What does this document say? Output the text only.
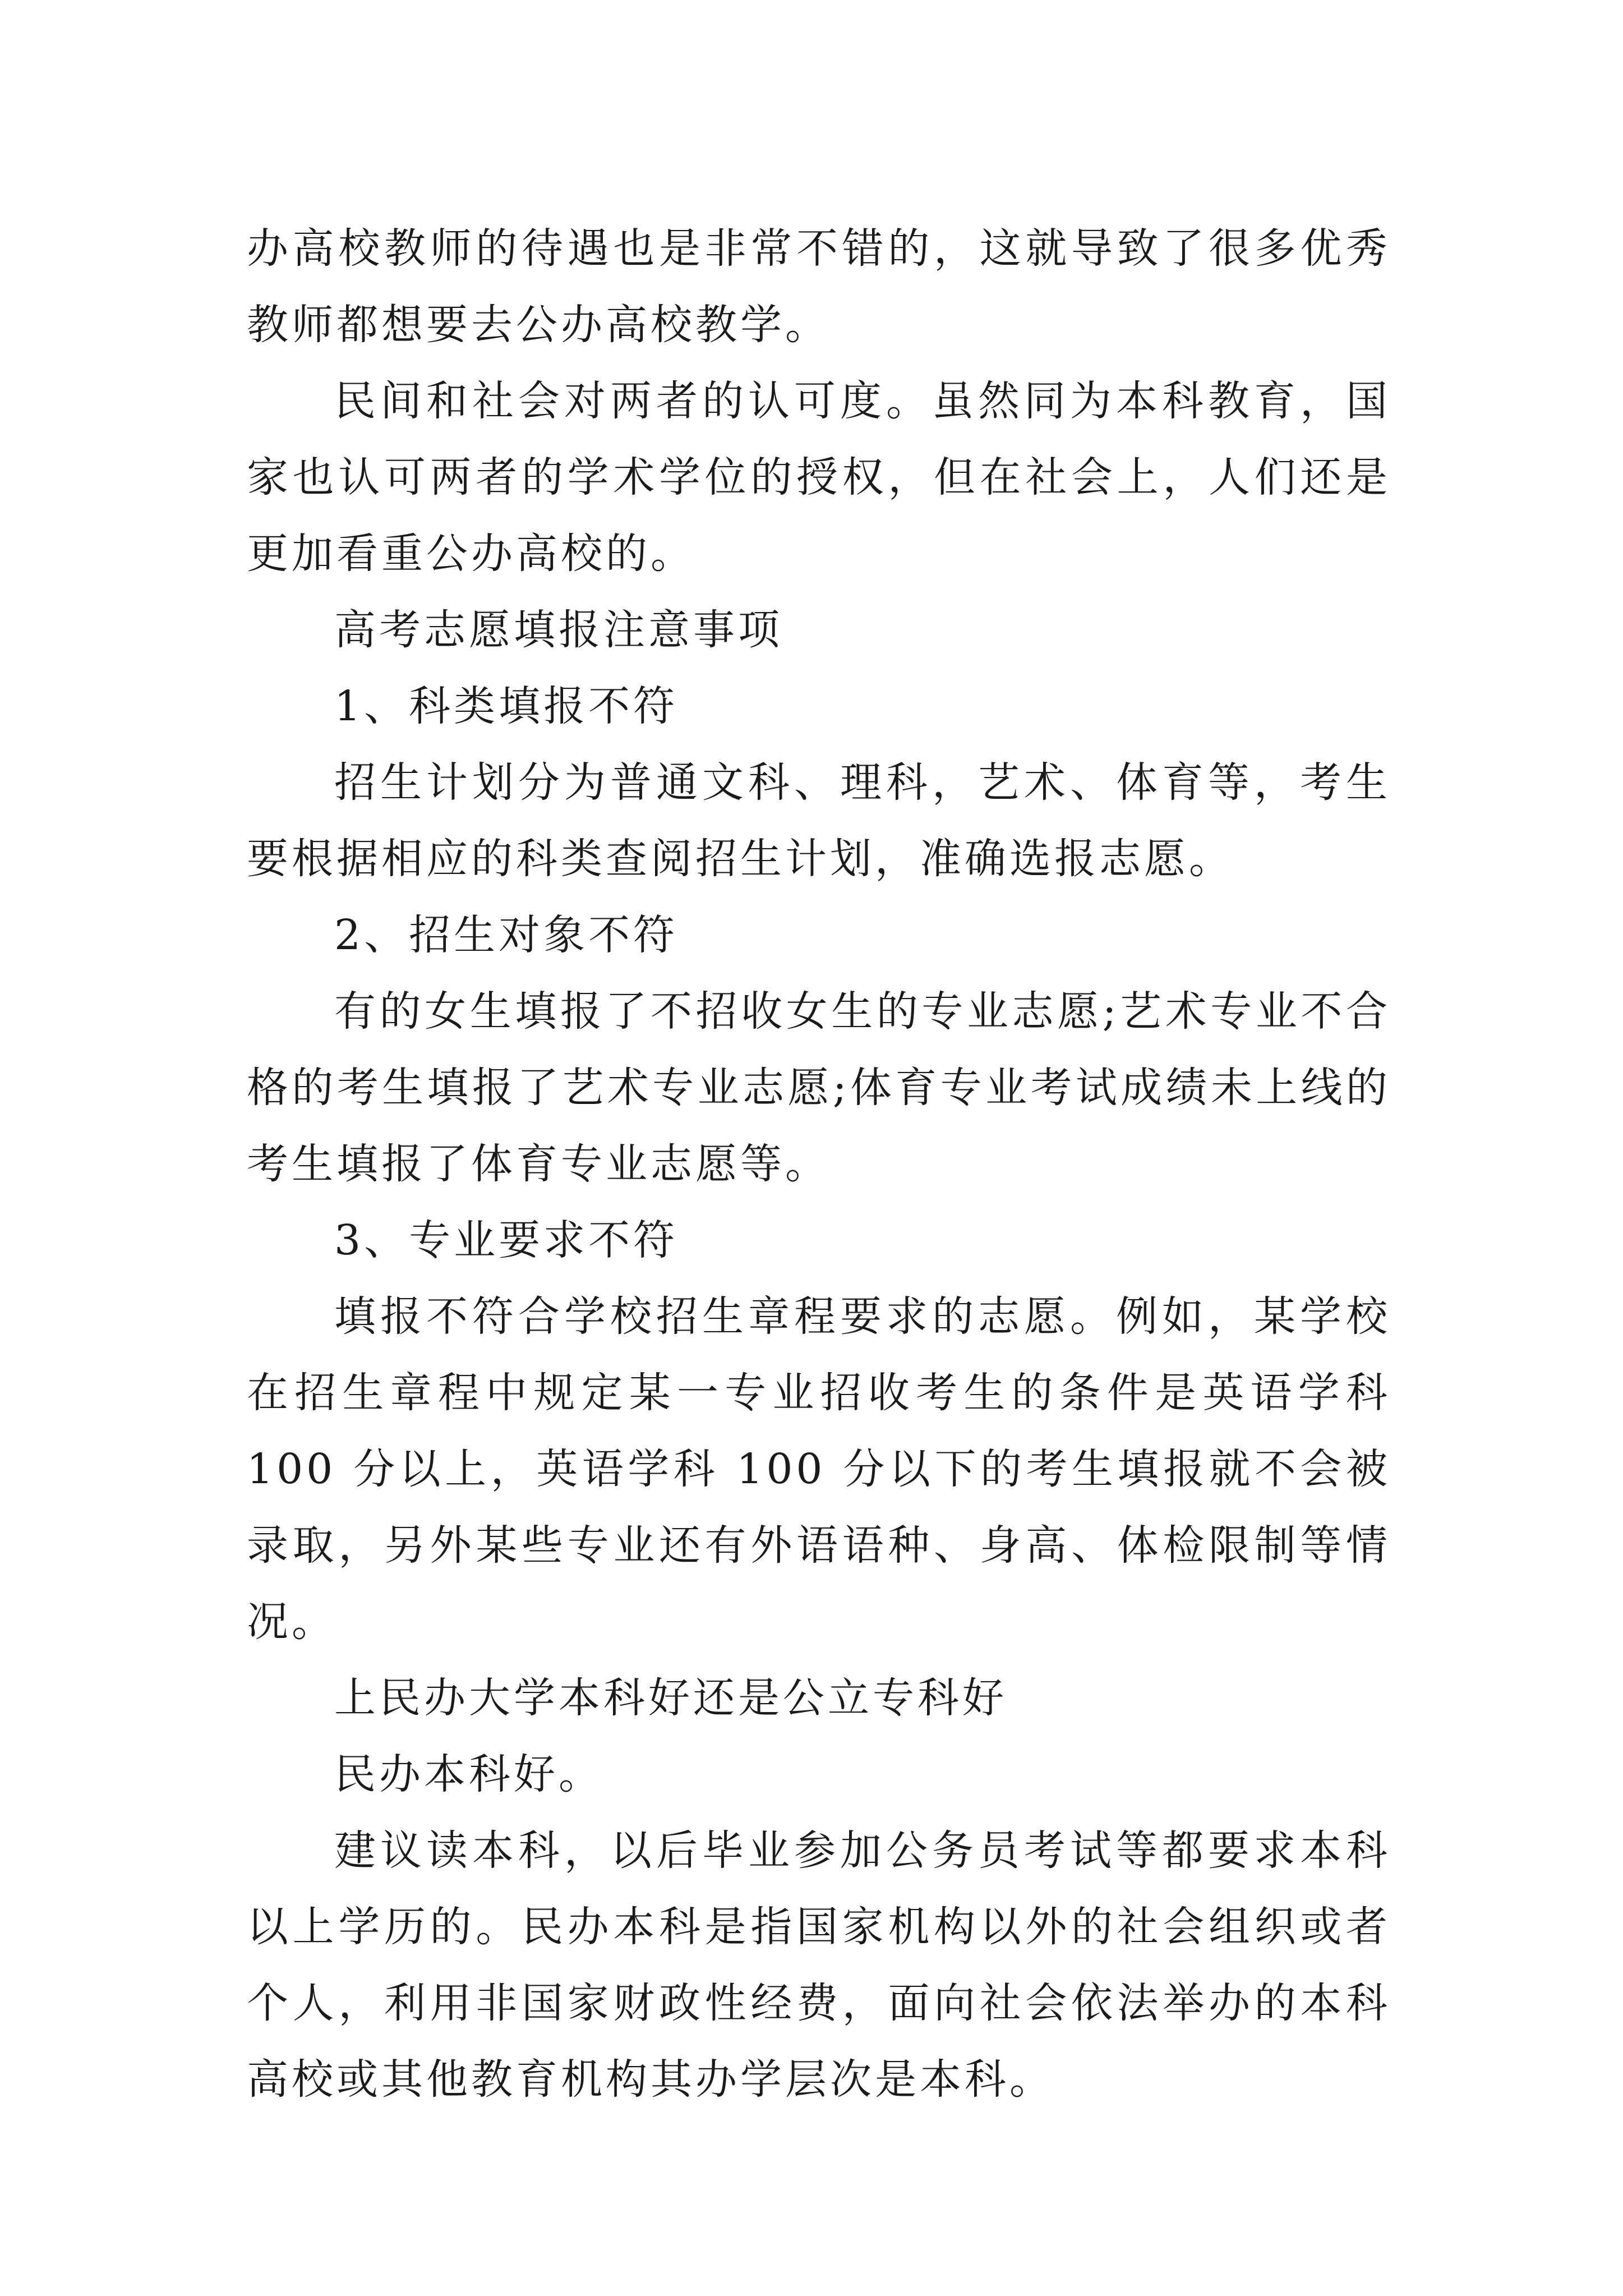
办高校教师的待遇也是非常不错的，这就导致了很多优秀教师都想要去公办高校教学。

民间和社会对两者的认可度。虽然同为本科教育，国家也认可两者的学术学位的授权，但在社会上，人们还是更加看重公办高校的。

高考志愿填报注意事项

1、科类填报不符

招生计划分为普通文科、理科，艺术、体育等，考生要根据相应的科类查阅招生计划，准确选报志愿。

2、招生对象不符

有的女生填报了不招收女生的专业志愿;艺术专业不合格的考生填报了艺术专业志愿;体育专业考试成绩未上线的考生填报了体育专业志愿等。

3、专业要求不符

填报不符合学校招生章程要求的志愿。例如，某学校在招生章程中规定某一专业招收考生的条件是英语学科 100 分以上，英语学科 100 分以下的考生填报就不会被录取，另外某些专业还有外语语种、身高、体检限制等情况。

上民办大学本科好还是公立专科好

民办本科好。

建议读本科，以后毕业参加公务员考试等都要求本科以上学历的。民办本科是指国家机构以外的社会组织或者个人，利用非国家财政性经费，面向社会依法举办的本科高校或其他教育机构其办学层次是本科。
